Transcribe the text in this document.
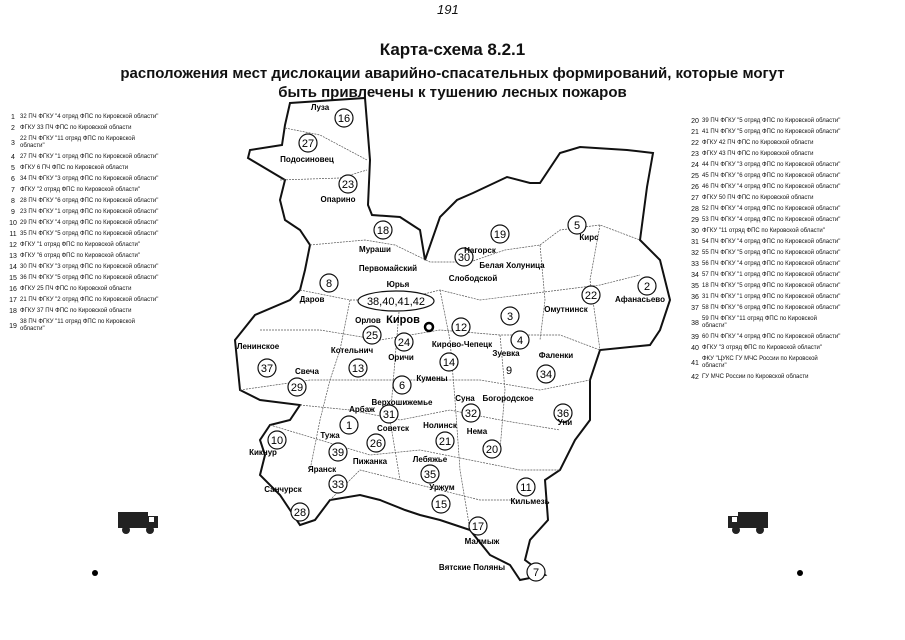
191
Карта-схема 8.2.1
расположения мест дислокации аварийно-спасательных формирований, которые могут быть привлечены к тушению лесных пожаров
1 32 ПЧ ФГКУ "4 отряд ФПС по Кировской области"
2 ФГКУ 33 ПЧ ФПС по Кировской области
3
22 ПЧ ФГКУ "11 отряд ФПС по Кировской области"
4 27 ПЧ ФГКУ "1 отряд ФПС по Кировской области"
5 ФГКУ 6 ПЧ ФПС по Кировской области
6 34 ПЧ ФГКУ "3 отряд ФПС по Кировской области"
7 ФГКУ "2 отряд ФПС по Кировской области"
8 28 ПЧ ФГКУ "6 отряд ФПС по Кировской области"
9 23 ПЧ ФГКУ "1 отряд ФПС по Кировской области"
10 29 ПЧ ФГКУ "4 отряд ФПС по Кировской области"
11 35 ПЧ ФГКУ "5 отряд ФПС по Кировской области"
12 ФГКУ "1 отряд ФПС по Кировской области"
13 ФГКУ "6 отряд ФПС по Кировской области"
14 30 ПЧ ФГКУ "3 отряд ФПС по Кировской области"
15 36 ПЧ ФГКУ "5 отряд ФПС по Кировской области"
16 ФГКУ 25 ПЧ ФПС по Кировской области
17 21 ПЧ ФГКУ "2 отряд ФПС по Кировской области"
18 ФГКУ 37 ПЧ ФПС по Кировской области
19
38 ПЧ ФГКУ "11 отряд ФПС по Кировской области"
20 39 ПЧ ФГКУ "5 отряд ФПС по Кировской области"
21 41 ПЧ ФГКУ "5 отряд ФПС по Кировской области"
22 ФГКУ 42 ПЧ ФПС по Кировской области
23 ФГКУ 43 ПЧ ФПС по Кировской области
24 44 ПЧ ФГКУ "3 отряд ФПС по Кировской области"
25 45 ПЧ ФГКУ "6 отряд ФПС по Кировской области"
26 46 ПЧ ФГКУ "4 отряд ФПС по Кировской области"
27 ФГКУ 50 ПЧ ФПС по Кировской области
28 52 ПЧ ФГКУ "4 отряд ФПС по Кировской области"
29 53 ПЧ ФГКУ "4 отряд ФПС по Кировской области"
30 ФГКУ "11 отряд ФПС по Кировской области"
31 54 ПЧ ФГКУ "4 отряд ФПС по Кировской области"
32 55 ПЧ ФГКУ "5 отряд ФПС по Кировской области"
33 56 ПЧ ФГКУ "4 отряд ФПС по Кировской области"
34 57 ПЧ ФГКУ "1 отряд ФПС по Кировской области"
35 18 ПЧ ФГКУ "5 отряд ФПС по Кировской области"
36 31 ПЧ ФГКУ "1 отряд ФПС по Кировской области"
37 58 ПЧ ФГКУ "6 отряд ФПС по Кировской области"
38
59 ПЧ ФГКУ "11 отряд ФПС по Кировской области"
39 60 ПЧ ФГКУ "4 отряд ФПС по Кировской области"
40 ФГКУ "3 отряд ФПС по Кировской области"
41
ФКУ "ЦУКС ГУ МЧС России по Кировской области"
42 ГУ МЧС России по Кировской области
16
27
23
18	19
5
8
30
2
22
38,40,41,42
3
12
25
24	4
37	13	14
34
29	6
31	32	36
1
26
10
39
21
20
35
33	11
15
28
17
7
Луза
Подосиновец
Опарино
Мураши	Нагорск
Кирс
Первомайский
Юрья
Белая Холуница
Слободской
Афанасьево
Омутнинск
Даров
Киров
Орлов
Кирово-Чепецк
Котельнич
Оричи	Зуевка Фаленки
Ленинское
Свеча
Кумены
Верхошижемье	Суна Богородское
Арбаж
Тужа
Советск Нолинск	Уни
Кикнур
Пижанка
Яранск
Нема
Лебяжье
Уржум
Санчурск
Кильмезь
Малмыж
Вятские Поляны
9
